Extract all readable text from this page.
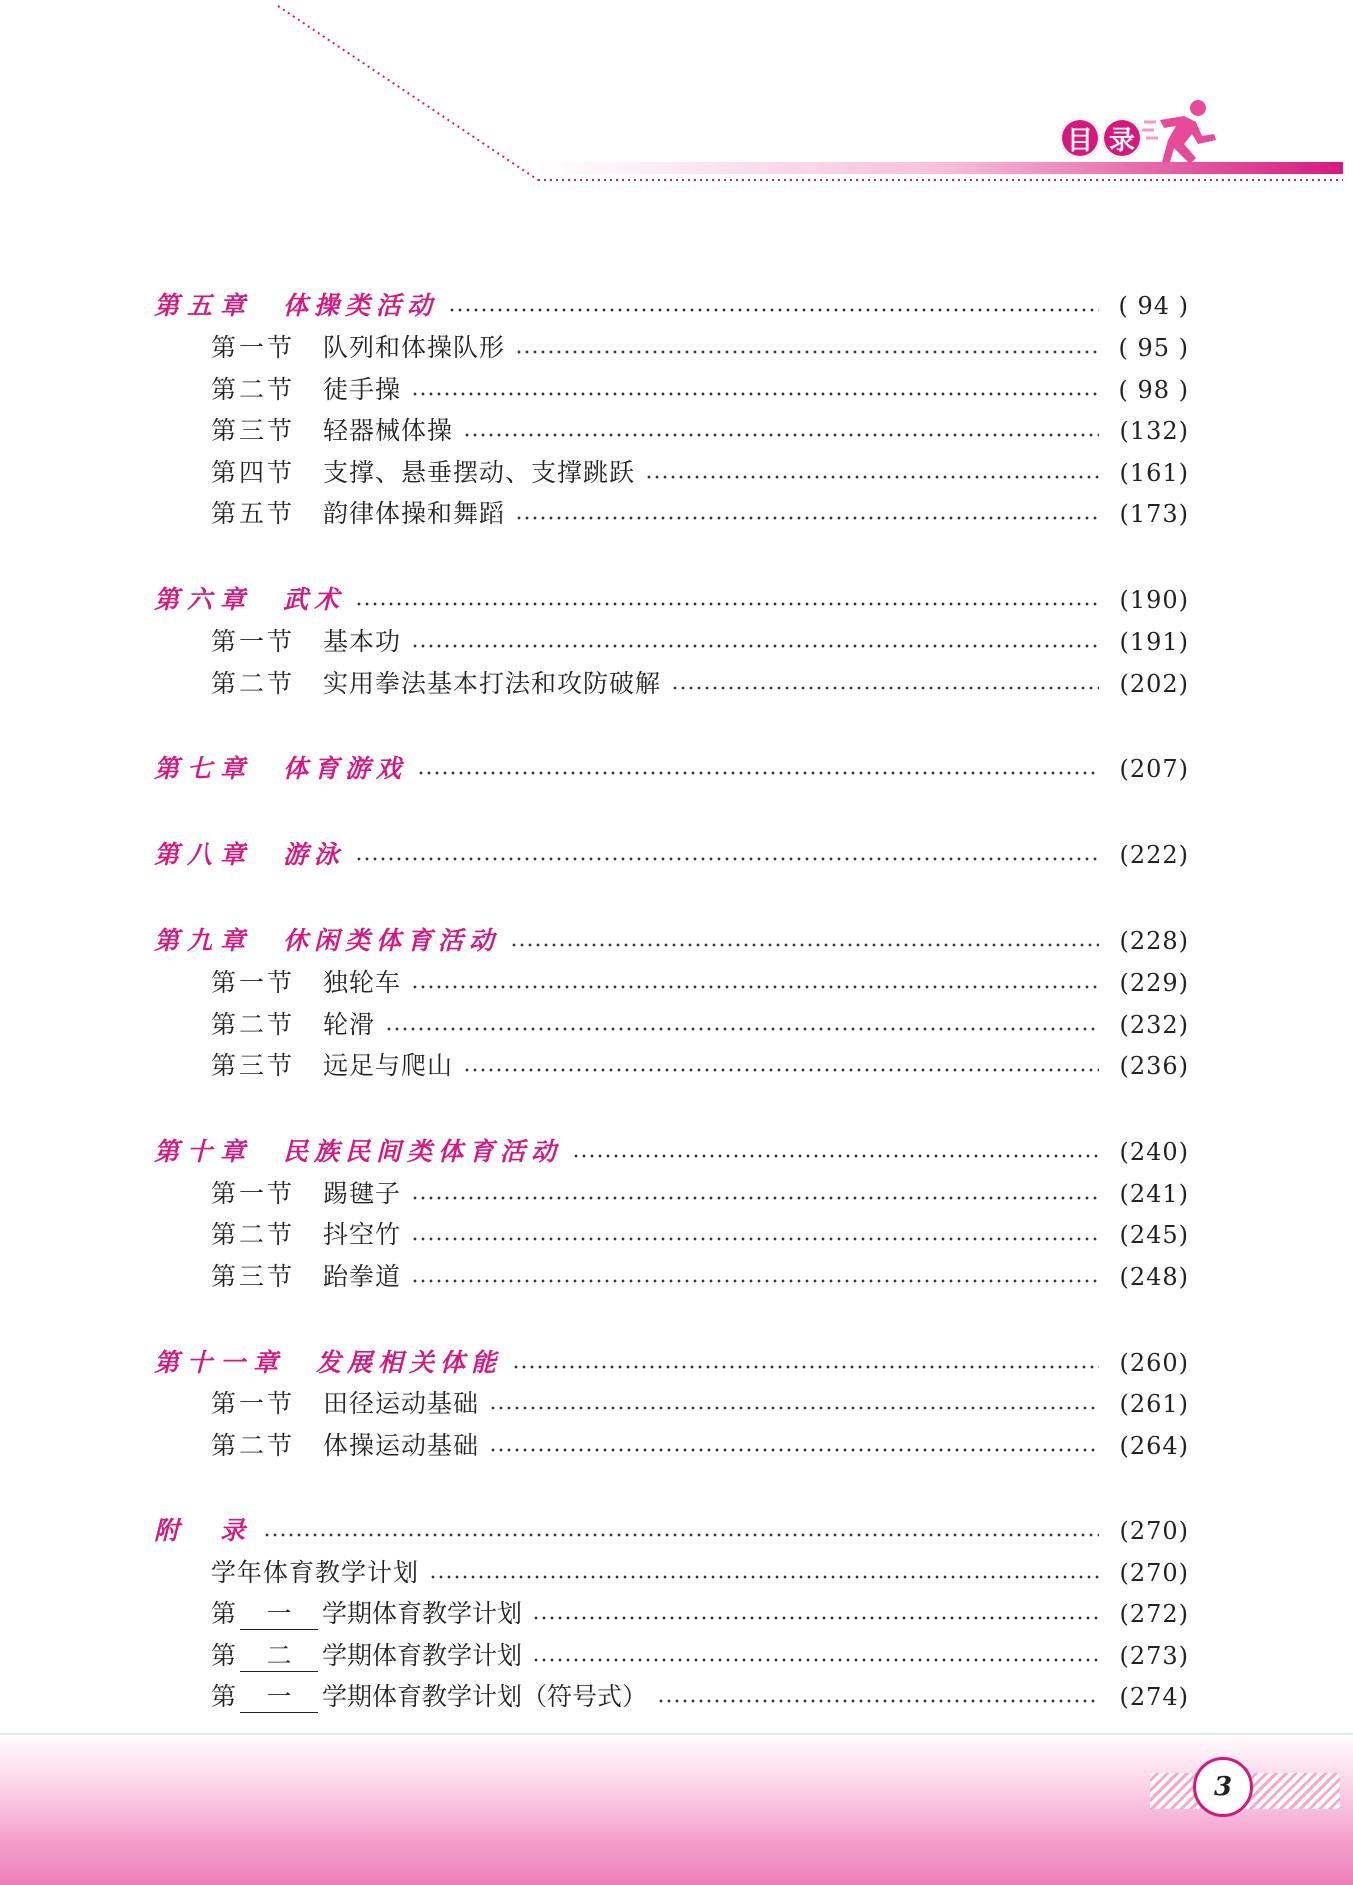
目 录
第五章 体操类活动	( 94 )
第一节 队列和体操队形	( 95 )
第二节 徒手操	( 98 )
第三节 轻器械体操	(132)
第四节 支撑、悬垂摆动、支撑跳跃	(161)
第五节 韵律体操和舞蹈	(173)
第六章 武术	(190)
第一节 基本功	(191)
第二节 实用拳法基本打法和攻防破解	(202)
第七章 体育游戏	(207)
第八章 游泳	(222)
第九章 休闲类体育活动	(228)
第一节 独轮车	(229)
第二节 轮滑	(232)
第三节 远足与爬山	(236)
第十章 民族民间类体育活动	(240)
第一节 踢毽子	(241)
第二节 抖空竹	(245)
第三节 跆拳道	(248)
第十一章 发展相关体能	(260)
第一节 田径运动基础	(261)
第二节 体操运动基础	(264)
附　录	(270)
学年体育教学计划	(270)
第	一	学期体育教学计划	(272)
第	二	学期体育教学计划	(273)
第	一	学期体育教学计划（符号式）	(274)
3
